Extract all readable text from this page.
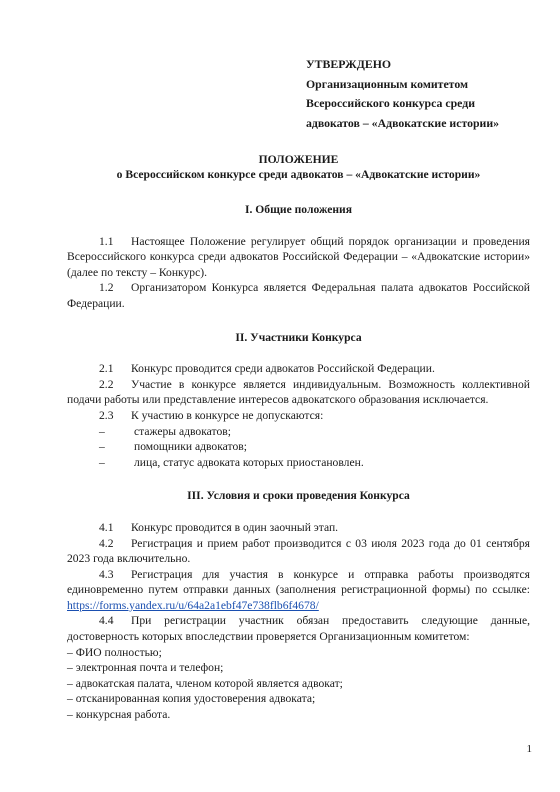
УТВЕРЖДЕНО
Организационным комитетом
Всероссийского конкурса среди
адвокатов – «Адвокатские истории»
ПОЛОЖЕНИЕ
о Всероссийском конкурсе среди адвокатов – «Адвокатские истории»
I. Общие положения

1.1 Настоящее Положение регулирует общий порядок организации и проведения Всероссийского конкурса среди адвокатов Российской Федерации – «Адвокатские истории» (далее по тексту – Конкурс).

1.2 Организатором Конкурса является Федеральная палата адвокатов Российской Федерации.

II. Участники Конкурса

2.1 Конкурс проводится среди адвокатов Российской Федерации.

2.2 Участие в конкурсе является индивидуальным. Возможность коллективной подачи работы или представление интересов адвокатского образования исключается.

2.3 К участию в конкурсе не допускаются:

–	стажеры адвокатов;
–	помощники адвокатов;
–	лица, статус адвоката которых приостановлен.
III. Условия и сроки проведения Конкурса

4.1 Конкурс проводится в один заочный этап.

4.2 Регистрация и прием работ производится с 03 июля 2023 года до 01 сентября 2023 года включительно.

4.3 Регистрация для участия в конкурсе и отправка работы производятся единовременно путем отправки данных (заполнения регистрационной формы) по ссылке: https://forms.yandex.ru/u/64a2a1ebf47e738flb6f4678/

4.4 При регистрации участник обязан предоставить следующие данные, достоверность которых впоследствии проверяется Организационным комитетом:

– ФИО полностью;

– электронная почта и телефон;

– адвокатская палата, членом которой является адвокат;

– отсканированная копия удостоверения адвоката;

– конкурсная работа.

1
